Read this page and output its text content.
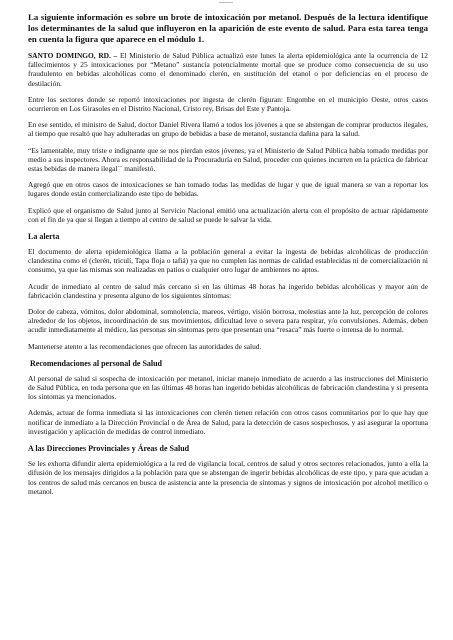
La siguiente información es sobre un brote de intoxicación por metanol. Después de la lectura identifique los determinantes de la salud que influyeron en la aparición de este evento de salud. Para esta tarea tenga en cuenta la figura que aparece en el módulo 1.

SANTO DOMINGO, RD. – El Ministerio de Salud Pública actualizó este lunes la alerta epidemiológica ante la ocurrencia de 12 fallecimientos y 25 intoxicaciones por “Metano” sustancia potencialmente mortal que se produce como consecuencia de su uso fraudulento en bebidas alcohólicas como el denominado clerén, en sustitución del etanol o por deficiencias en el proceso de destilación.

Entre los sectores donde se reportó intoxicaciones por ingesta de clerén figuran: Engombe en el municipio Oeste, otros casos ocurrieron en Los Girasoles en el Distrito Nacional, Cristo rey, Brisas del Este y Pantoja.

En ese sentido, el ministro de Salud, doctor Daniel Rivera llamó a todos los jóvenes a que se abstengan de comprar productos ilegales, al tiempo que resaltó que hay adulteradas un grupo de bebidas a base de metanol, sustancia dañina para la salud.

“Es lamentable, muy triste e indignante que se nos pierdan estos jóvenes, ya el Ministerio de Salud Pública había tomado medidas por medio a sus inspectores. Ahora es responsabilidad de la Procuraduría en Salud, proceder con quienes incurren en la práctica de fabricar estas bebidas de manera ilegal´´ manifestó.

Agregó que en otros casos de intoxicaciones se han tomado todas las medidas de lugar y que de igual manera se van a reportar los lugares donde están comercializando este tipo de bebidas.

Explicó que el organismo de Salud junto al Servicio Nacional emitió una actualización alerta con el propósito de actuar rápidamente con el fin de ya que si llegan a tiempo al centro de salud se puede le salvar la vida.

La alerta

El documento de alerta epidemiológica llama a la población general a evitar la ingesta de bebidas alcohólicas de producción clandestina como el (clerén, triculí, Tapa floja o tafiá) ya que no cumplen las normas de calidad establecidas ni de comercialización ni consumo, ya que las mismas son realizadas en patios o cualquier otro lugar de ambientes no aptos.

Acudir de inmediato al centro de salud más cercano si en las últimas 48 horas ha ingerido bebidas alcohólicas y mayor aún de fabricación clandestina y presenta alguno de los siguientes síntomas:

Dolor de cabeza, vómitos, dolor abdominal, somnolencia, mareos, vértigo, visión borrosa, molestias ante la luz, percepción de colores alrededor de los objetos, incoordinación de sus movimientos, dificultad leve o severa para respirar, y/o convulsiones. Además, deben acudir inmediatamente al médico, las personas sin síntomas pero que presentan una “resaca” más fuerte o intensa de lo normal.

Mantenerse atento a las recomendaciones que ofrecen las autoridades de salud.

Recomendaciones al personal de Salud

Al personal de salud si sospecha de intoxicación por metanol, iniciar manejo inmediato de acuerdo a las instrucciones del Ministerio de Salud Pública, en toda persona que en las últimas 48 horas han ingerido bebidas alcohólicas de fabricación clandestina y si presenta los síntomas ya mencionados.

Además, actuar de forma inmediata si las intoxicaciones con clerén tienen relación con otros casos comunitarios por lo que hay que notificar de inmediato a la Dirección Provincial o de Área de Salud, para la detección de casos sospechosos, y así asegurar la oportuna investigación y aplicación de medidas de control inmediato.

A las Direcciones Provinciales y Áreas de Salud

Se les exhorta difundir alerta epidemiológica a la red de vigilancia local, centros de salud y otros sectores relacionados, junto a ella la difusión de los mensajes dirigidos a la población para que se abstengan de ingerir bebidas alcohólicas de este tipo, y para que acudan a los centros de salud más cercanos en busca de asistencia ante la presencia de síntomas y signos de intoxicación por alcohol metílico o metanol.
